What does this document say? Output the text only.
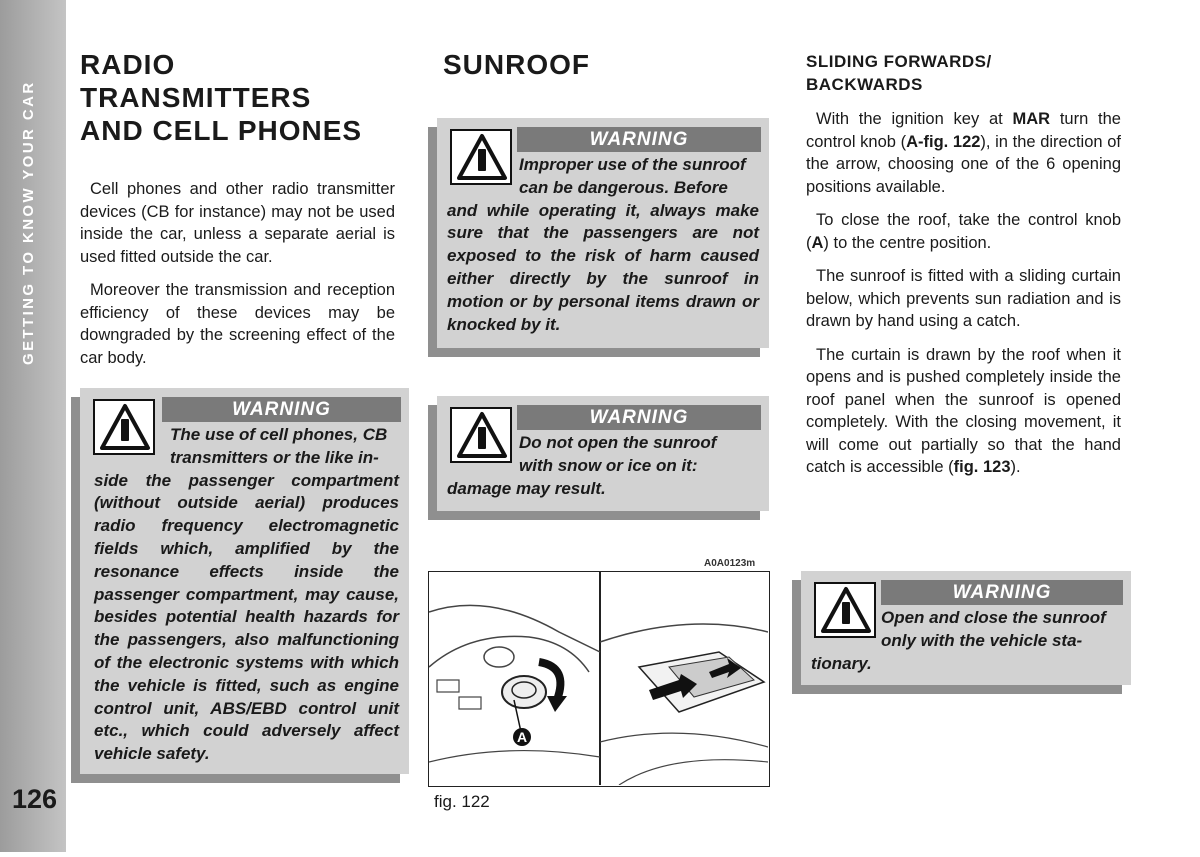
GETTING TO KNOW YOUR CAR
126
RADIO
TRANSMITTERS
AND CELL PHONES

Cell phones and other radio transmitter devices (CB for instance) may not be used inside the car, unless a separate aerial is used fitted outside the car.

Moreover the transmission and reception efficiency of these devices may be downgraded by the screening effect of the car body.

WARNING
The use of cell phones, CB
transmitters or the like in-
side the passenger compartment (without outside aerial) produces radio frequency electromagnetic fields which, amplified by the resonance effects inside the passenger compartment, may cause, besides potential health hazards for the passengers, also malfunctioning of the electronic systems with which the vehicle is fitted, such as engine control unit, ABS/EBD control unit etc., which could adversely affect vehicle safety.
SUNROOF
WARNING
Improper use of the sunroof
can be dangerous. Before
and while operating it, always make sure that the passengers are not exposed to the risk of harm caused either directly by the sunroof in motion or by personal items drawn or knocked by it.
WARNING
Do not open the sunroof
with snow or ice on it:
damage may result.
A0A0123m
A
fig. 122
SLIDING FORWARDS/
BACKWARDS

With the ignition key at MAR turn the control knob (A-fig. 122), in the direction of the arrow, choosing one of the 6 opening positions available.

To close the roof, take the control knob (A) to the centre position.

The sunroof is fitted with a sliding curtain below, which prevents sun radiation and is drawn by hand using a catch.

The curtain is drawn by the roof when it opens and is pushed completely inside the roof panel when the sunroof is opened completely. With the closing movement, it will come out partially so that the hand catch is accessible (fig. 123).

WARNING
Open and close the sunroof
only with the vehicle sta-
tionary.
